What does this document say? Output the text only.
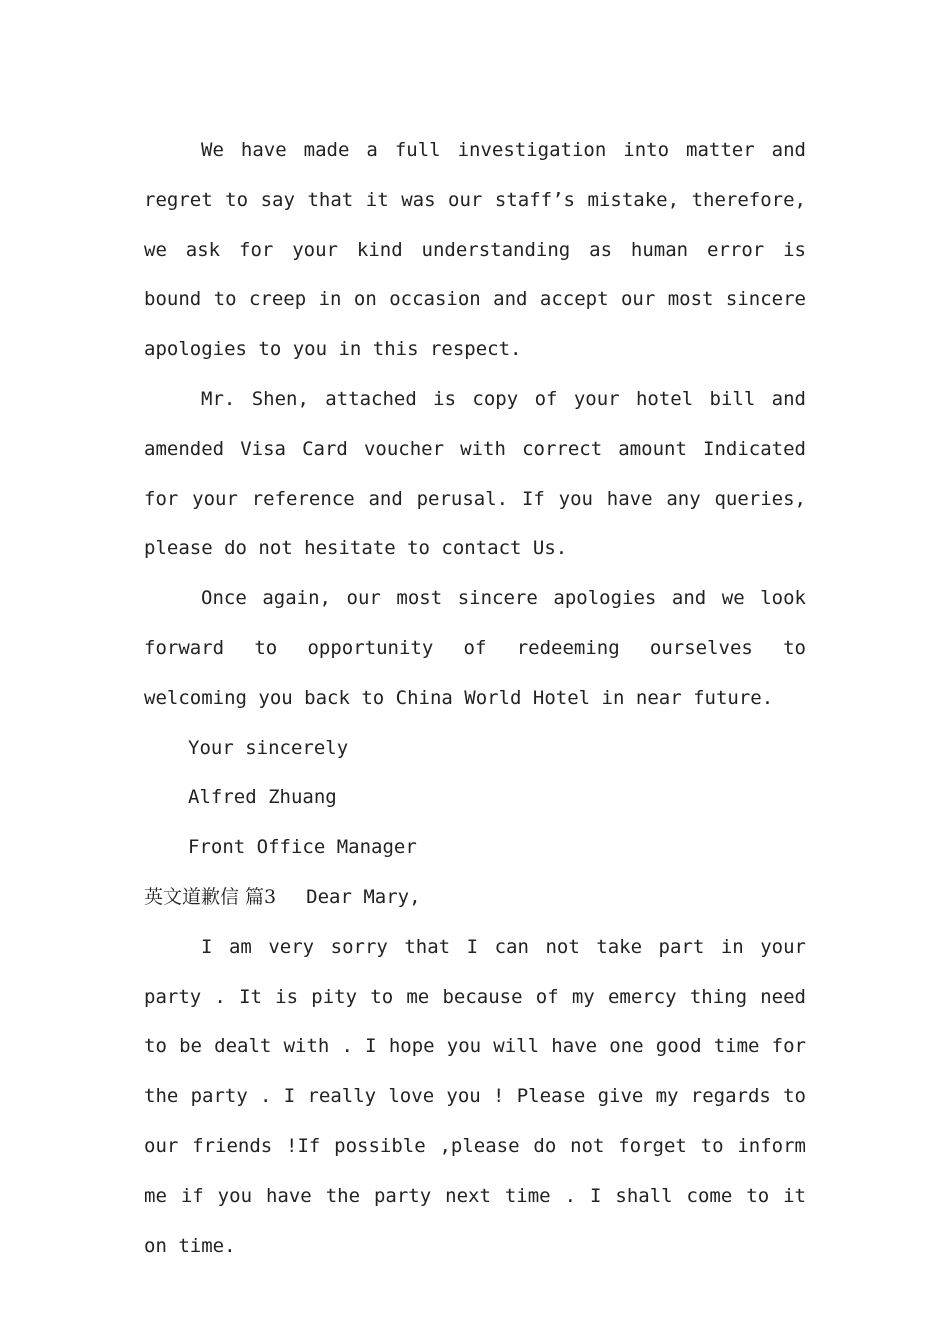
We have made a full investigation into matter and regret to say that it was our staff’s mistake, therefore, we ask for your kind understanding as human error is bound to creep in on occasion and accept our most sincere apologies to you in this respect.

Mr. Shen, attached is copy of your hotel bill and amended Visa Card voucher with correct amount Indicated for your reference and perusal. If you have any queries, please do not hesitate to contact Us.

Once again, our most sincere apologies and we look forward to opportunity of redeeming ourselves to welcoming you back to China World Hotel in near future.

Your sincerely

Alfred Zhuang

Front Office Manager

英文道歉信 篇3 Dear Mary,

I am very sorry that I can not take part in your party . It is pity to me because of my emercy thing need to be dealt with . I hope you will have one good time for the party . I really love you ! Please give my regards to our friends !If possible ,please do not forget to inform me if you have the party next time . I shall come to it on time.
